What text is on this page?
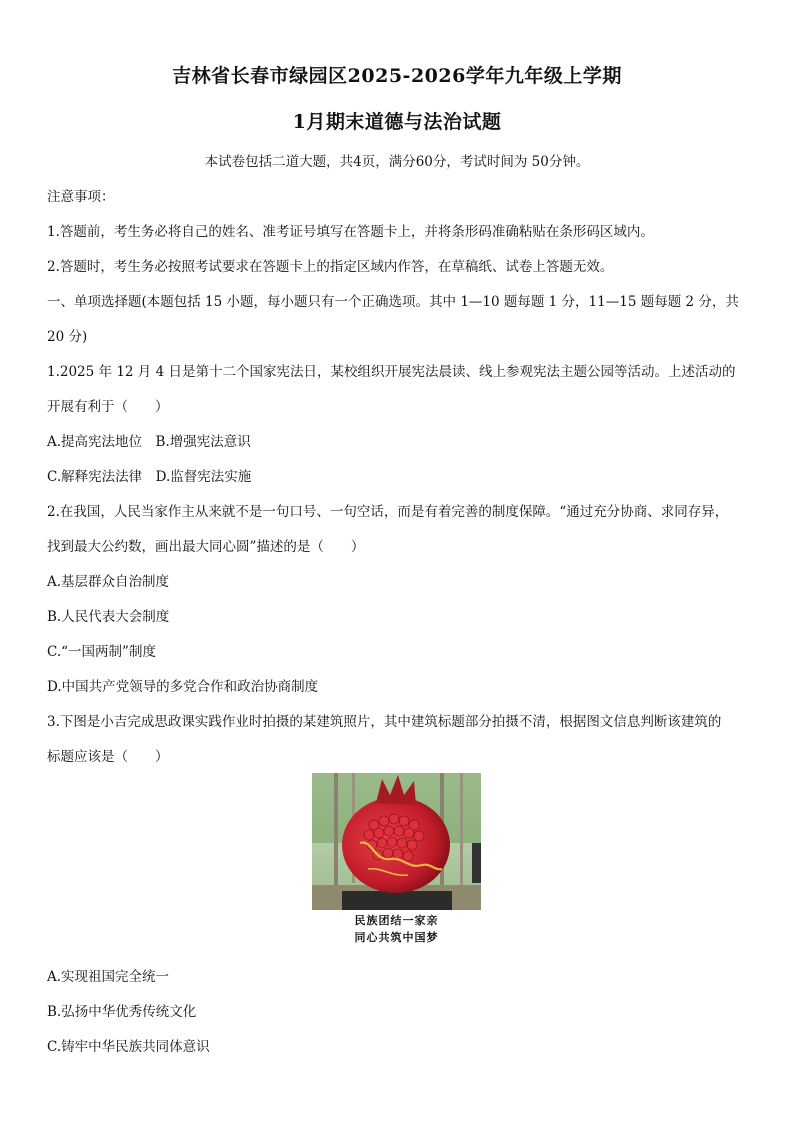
吉林省长春市绿园区2025-2026学年九年级上学期
1月期末道德与法治试题
本试卷包括二道大题，共4页，满分60分，考试时间为 50分钟。
注意事项：
1.答题前，考生务必将自己的姓名、准考证号填写在答题卡上，并将条形码准确粘贴在条形码区域内。
2.答题时，考生务必按照考试要求在答题卡上的指定区域内作答，在草稿纸、试卷上答题无效。
一、单项选择题(本题包括 15 小题，每小题只有一个正确选项。其中 1—10 题每题 1 分，11—15 题每题 2 分，共
20 分)
1.2025 年 12 月 4 日是第十二个国家宪法日，某校组织开展宪法晨读、线上参观宪法主题公园等活动。上述活动的
开展有利于（　　）
A.提高宪法地位　B.增强宪法意识
C.解释宪法法律　D.监督宪法实施
2.在我国，人民当家作主从来就不是一句口号、一句空话，而是有着完善的制度保障。“通过充分协商、求同存异，
找到最大公约数，画出最大同心圆”描述的是（　　）
A.基层群众自治制度
B.人民代表大会制度
C.“一国两制”制度
D.中国共产党领导的多党合作和政治协商制度
3.下图是小吉完成思政课实践作业时拍摄的某建筑照片，其中建筑标题部分拍摄不清，根据图文信息判断该建筑的
标题应该是（　　）
民族团结一家亲
同心共筑中国梦
A.实现祖国完全统一
B.弘扬中华优秀传统文化
C.铸牢中华民族共同体意识
